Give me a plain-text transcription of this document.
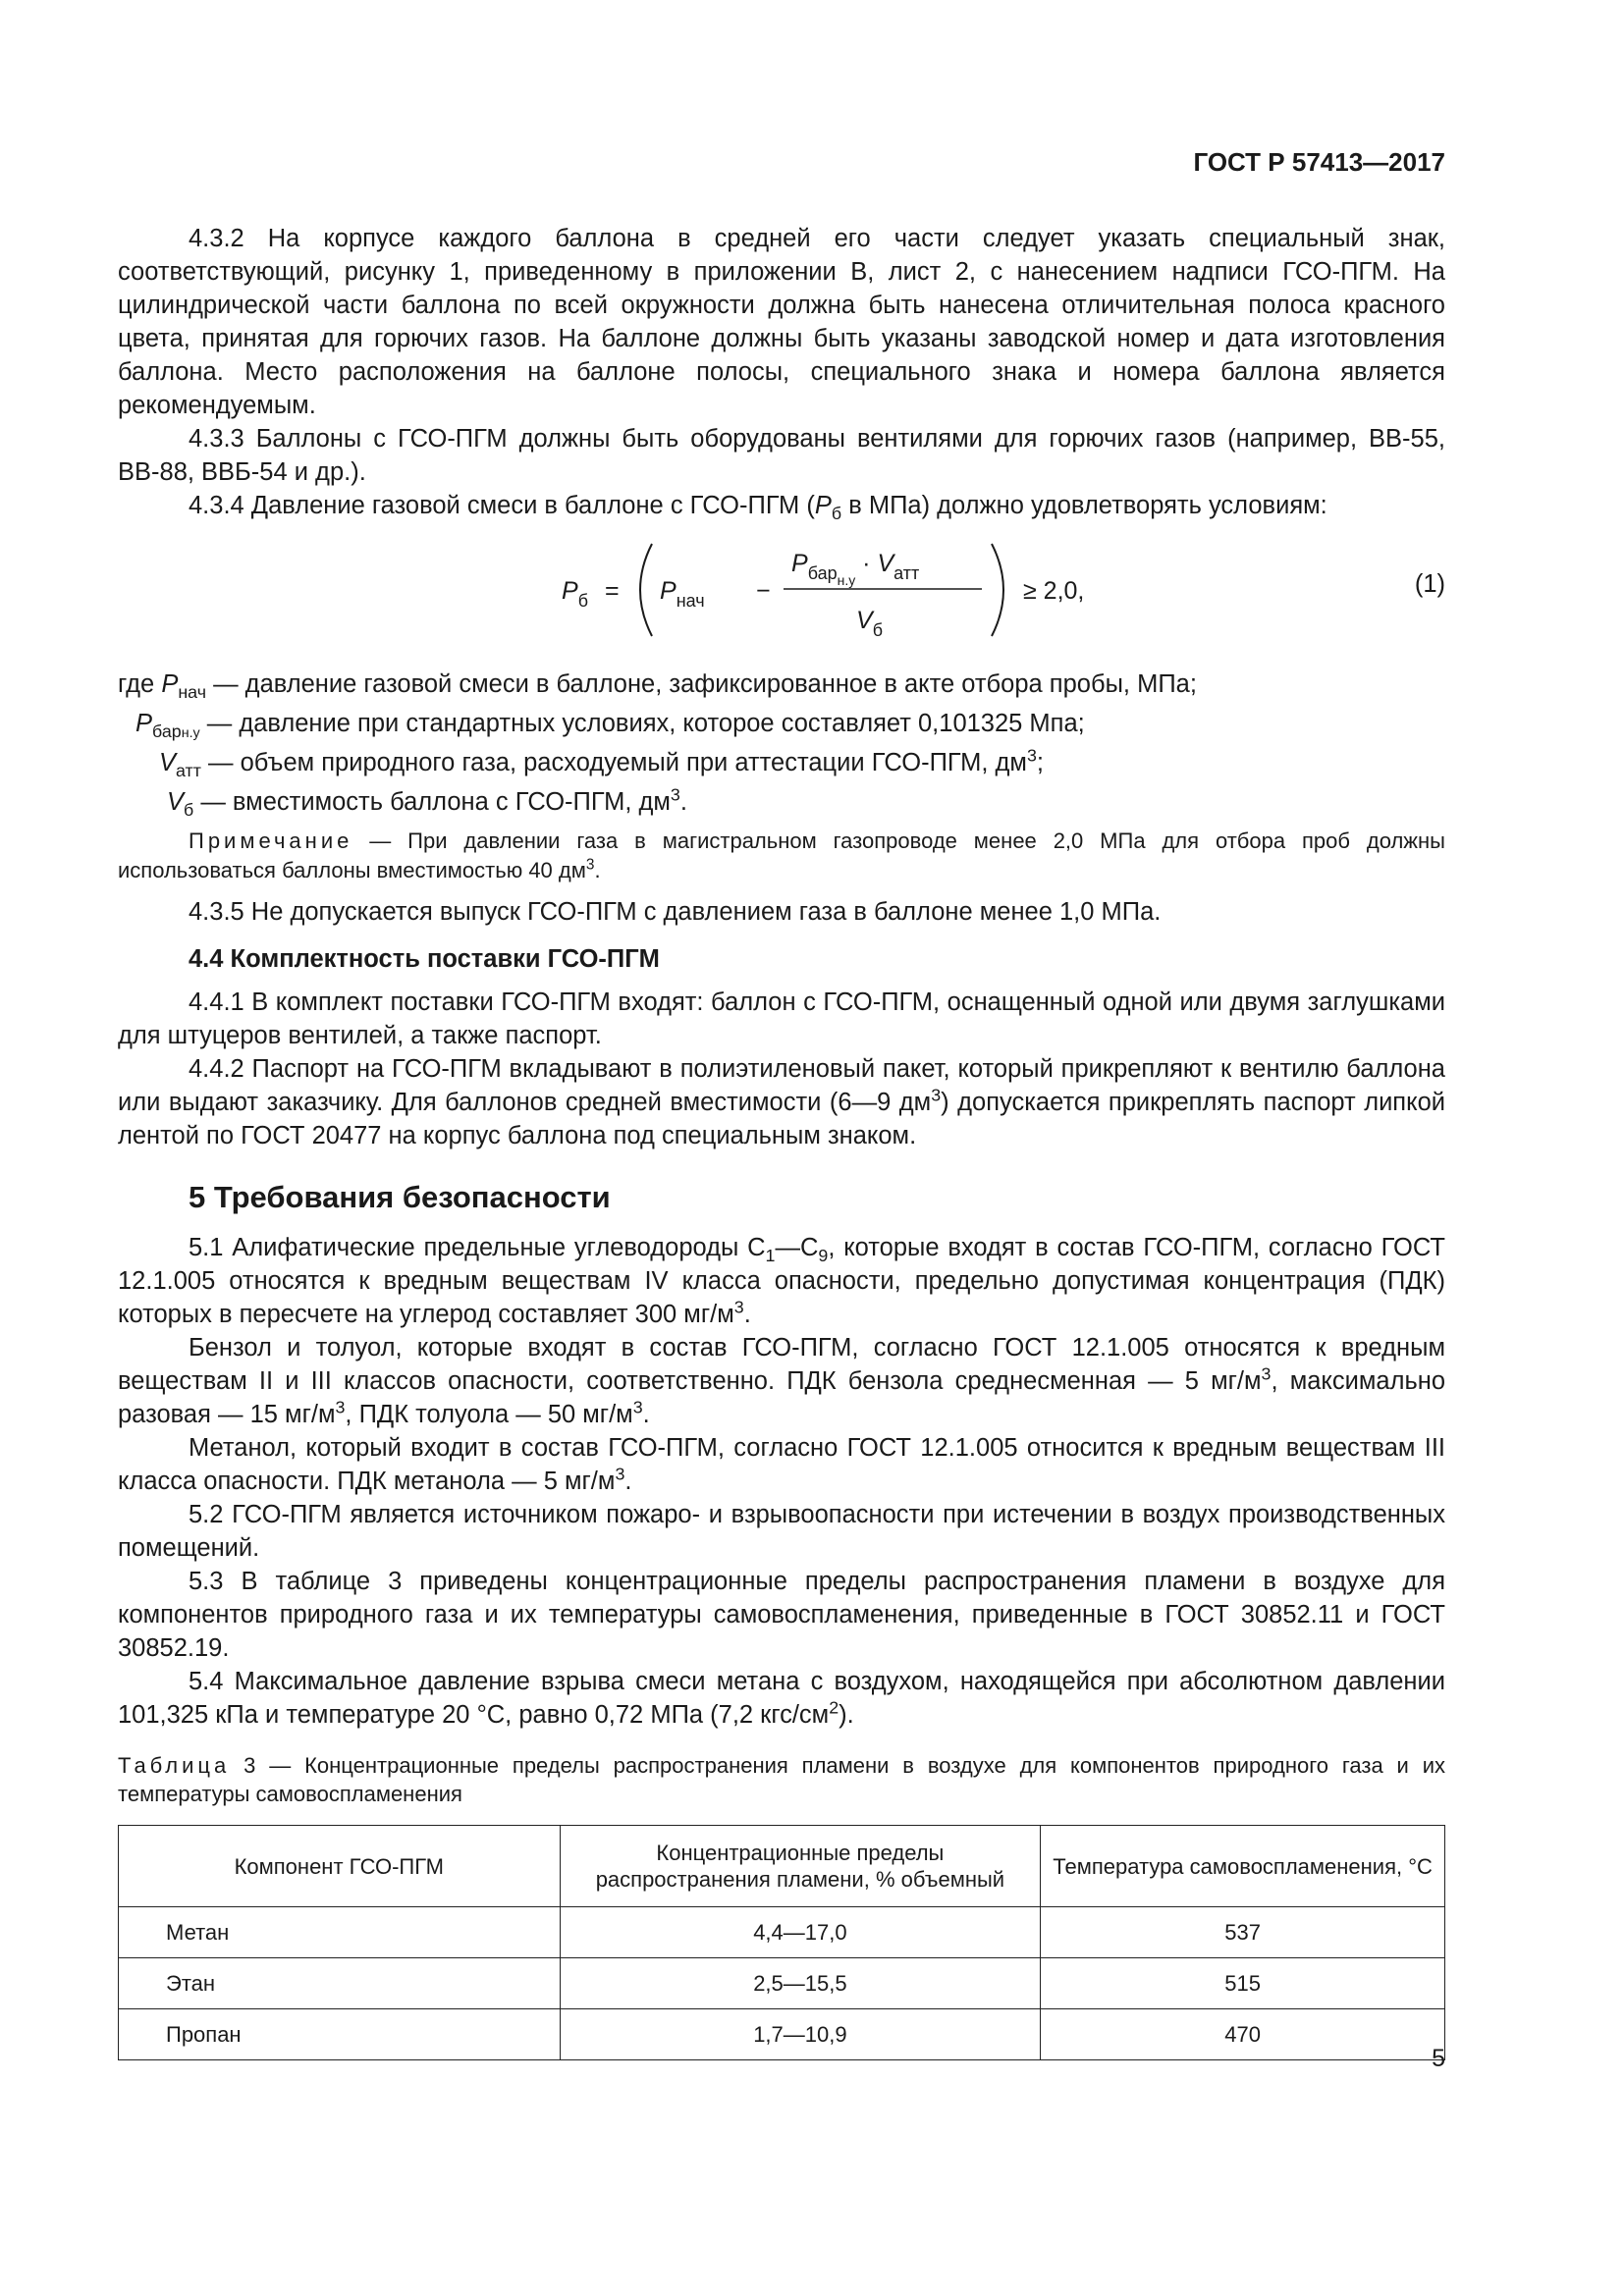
ГОСТ Р 57413—2017

4.3.2 На корпусе каждого баллона в средней его части следует указать специальный знак, соответствующий, рисунку 1, приведенному в приложении В, лист 2, с нанесением надписи ГСО-ПГМ. На цилиндрической части баллона по всей окружности должна быть нанесена отличительная полоса красного цвета, принятая для горючих газов. На баллоне должны быть указаны заводской номер и дата изготовления баллона. Место расположения на баллоне полосы, специального знака и номера баллона является рекомендуемым.

4.3.3 Баллоны с ГСО-ПГМ должны быть оборудованы вентилями для горючих газов (например, ВВ-55, ВВ-88, ВВБ-54 и др.).

4.3.4 Давление газовой смеси в баллоне с ГСО-ПГМ ($P_б$ в МПа) должно удовлетворять условиям:

$P_б = P_{нач}$ −
$P_{барн.у} \cdot V_{атт}$
$V_б$
≥ 2,0,	(1)
где $P_{нач}$ — давление газовой смеси в баллоне, зафиксированное в акте отбора пробы, МПа;
$P_{барн.у}$ — давление при стандартных условиях, которое составляет 0,101325 Мпа;
$V_{атт}$ — объем природного газа, расходуемый при аттестации ГСО-ПГМ, $дм^3$;
$V_б$ — вместимость баллона с ГСО-ПГМ, $дм^3$.

Примечание — При давлении газа в магистральном газопроводе менее 2,0 МПа для отбора проб должны использоваться баллоны вместимостью 40 $дм^3$.

4.3.5 Не допускается выпуск ГСО-ПГМ с давлением газа в баллоне менее 1,0 МПа.

4.4 Комплектность поставки ГСО-ПГМ

4.4.1 В комплект поставки ГСО-ПГМ входят: баллон с ГСО-ПГМ, оснащенный одной или двумя заглушками для штуцеров вентилей, а также паспорт.

4.4.2 Паспорт на ГСО-ПГМ вкладывают в полиэтиленовый пакет, который прикрепляют к вентилю баллона или выдают заказчику. Для баллонов средней вместимости (6—9 $дм^3$) допускается прикреплять паспорт липкой лентой по ГОСТ 20477 на корпус баллона под специальным знаком.

5 Требования безопасности

5.1 Алифатические предельные углеводороды $С_1—С_9$, которые входят в состав ГСО-ПГМ, согласно ГОСТ 12.1.005 относятся к вредным веществам IV класса опасности, предельно допустимая концентрация (ПДК) которых в пересчете на углерод составляет 300 $мг/м^3$.

Бензол и толуол, которые входят в состав ГСО-ПГМ, согласно ГОСТ 12.1.005 относятся к вредным веществам II и III классов опасности, соответственно. ПДК бензола среднесменная — 5 $мг/м^3$, максимально разовая — 15 $мг/м^3$, ПДК толуола — 50 $мг/м^3$.

Метанол, который входит в состав ГСО-ПГМ, согласно ГОСТ 12.1.005 относится к вредным веществам III класса опасности. ПДК метанола — 5 $мг/м^3$.

5.2 ГСО-ПГМ является источником пожаро- и взрывоопасности при истечении в воздух производственных помещений.

5.3 В таблице 3 приведены концентрационные пределы распространения пламени в воздухе для компонентов природного газа и их температуры самовоспламенения, приведенные в ГОСТ 30852.11 и ГОСТ 30852.19.

5.4 Максимальное давление взрыва смеси метана с воздухом, находящейся при абсолютном давлении 101,325 кПа и температуре 20 °С, равно 0,72 МПа (7,2 кгс/$см^2$).

Таблица 3 — Концентрационные пределы распространения пламени в воздухе для компонентов природного газа и их температуры самовоспламенения

Компонент ГСО-ПГМ	Концентрационные пределы распространения пламени, % объемный	Температура самовоспламенения, °С
Метан	4,4—17,0	537
Этан	2,5—15,5	515
Пропан	1,7—10,9	470
5
